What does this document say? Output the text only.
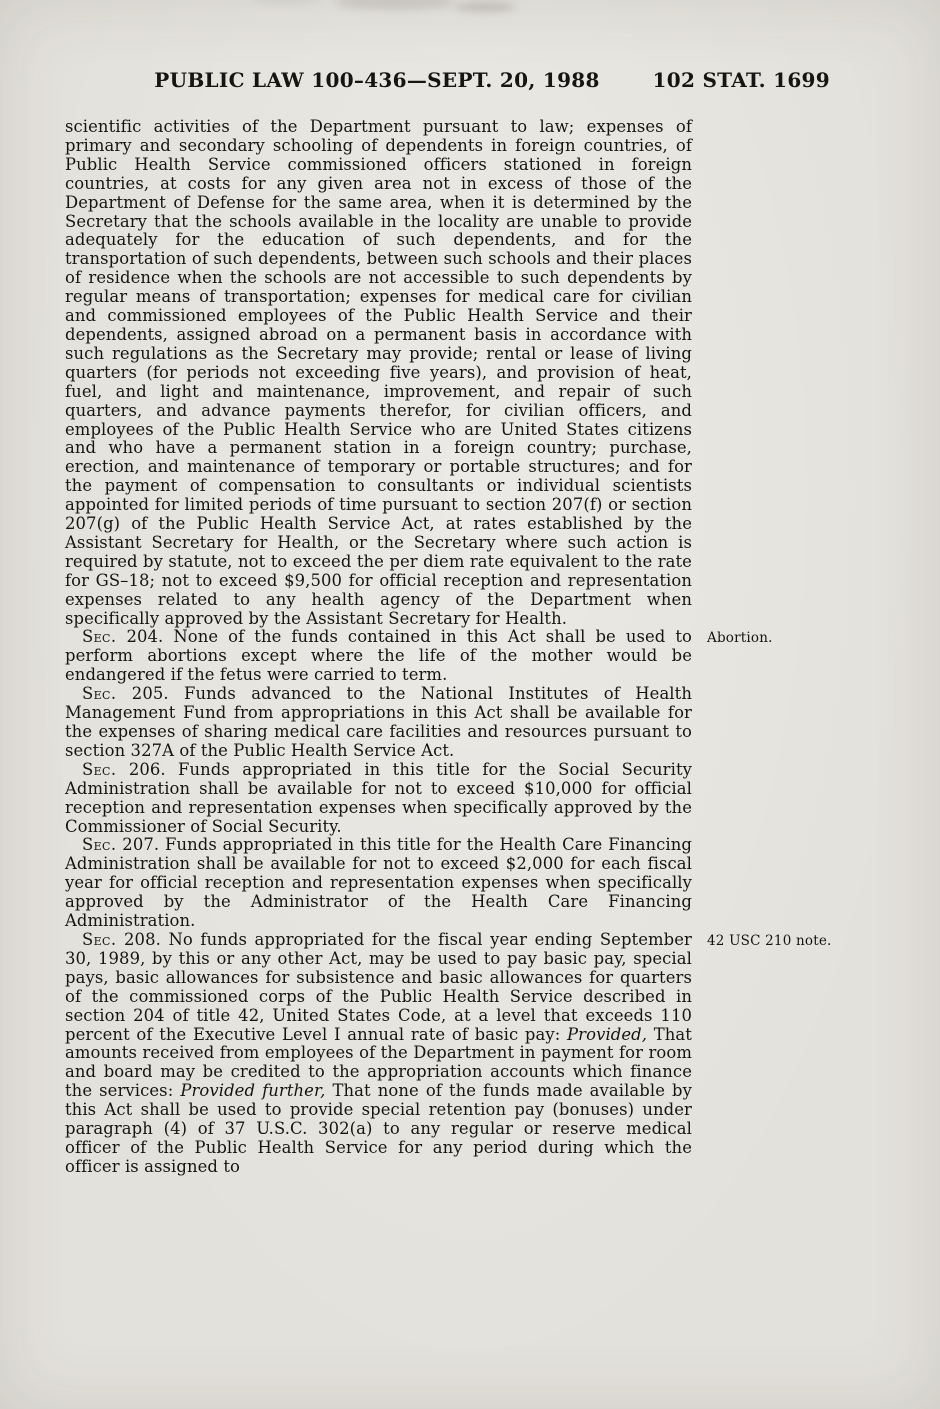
PUBLIC LAW 100–436—SEPT. 20, 1988	102 STAT. 1699

scientific activities of the Department pursuant to law; expenses of primary and secondary schooling of dependents in foreign countries, of Public Health Service commissioned officers stationed in foreign countries, at costs for any given area not in excess of those of the Department of Defense for the same area, when it is determined by the Secretary that the schools available in the locality are unable to provide adequately for the education of such dependents, and for the transportation of such dependents, between such schools and their places of residence when the schools are not accessible to such dependents by regular means of transportation; expenses for medical care for civilian and commissioned employees of the Public Health Service and their dependents, assigned abroad on a permanent basis in accordance with such regulations as the Secretary may provide; rental or lease of living quarters (for periods not exceeding five years), and provision of heat, fuel, and light and maintenance, improvement, and repair of such quarters, and advance payments therefor, for civilian officers, and employees of the Public Health Service who are United States citizens and who have a permanent station in a foreign country; purchase, erection, and maintenance of temporary or portable structures; and for the payment of compensation to consultants or individual scientists appointed for limited periods of time pursuant to section 207(f) or section 207(g) of the Public Health Service Act, at rates established by the Assistant Secretary for Health, or the Secretary where such action is required by statute, not to exceed the per diem rate equivalent to the rate for GS–18; not to exceed $9,500 for official reception and representation expenses related to any health agency of the Department when specifically approved by the Assistant Secretary for Health.

Sec. 204. None of the funds contained in this Act shall be used to perform abortions except where the life of the mother would be endangered if the fetus were carried to term.
Abortion.

Sec. 205. Funds advanced to the National Institutes of Health Management Fund from appropriations in this Act shall be available for the expenses of sharing medical care facilities and resources pursuant to section 327A of the Public Health Service Act.

Sec. 206. Funds appropriated in this title for the Social Security Administration shall be available for not to exceed $10,000 for official reception and representation expenses when specifically approved by the Commissioner of Social Security.

Sec. 207. Funds appropriated in this title for the Health Care Financing Administration shall be available for not to exceed $2,000 for each fiscal year for official reception and representation expenses when specifically approved by the Administrator of the Health Care Financing Administration.

Sec. 208. No funds appropriated for the fiscal year ending September 30, 1989, by this or any other Act, may be used to pay basic pay, special pays, basic allowances for subsistence and basic allowances for quarters of the commissioned corps of the Public Health Service described in section 204 of title 42, United States Code, at a level that exceeds 110 percent of the Executive Level I annual rate of basic pay: Provided, That amounts received from employees of the Department in payment for room and board may be credited to the appropriation accounts which finance the services: Provided further, That none of the funds made available by this Act shall be used to provide special retention pay (bonuses) under paragraph (4) of 37 U.S.C. 302(a) to any regular or reserve medical officer of the Public Health Service for any period during which the officer is assigned to
42 USC 210 note.
